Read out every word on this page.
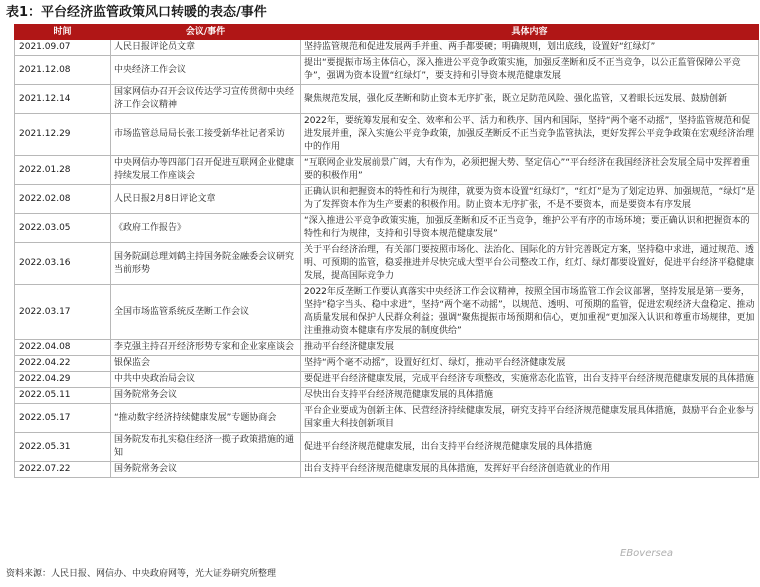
表1：平台经济监管政策风口转暖的表态/事件
时间	会议/事件	具体内容
2021.09.07	人民日报评论员文章	坚持监管规范和促进发展两手并重、两手都要硬；明确规则，划出底线，设置好“红绿灯”
2021.12.08	中央经济工作会议	提出“要提振市场主体信心，深入推进公平竞争政策实施，加强反垄断和反不正当竞争，以公正监管保障公平竞争”，强调为资本设置“红绿灯”，要支持和引导资本规范健康发展
2021.12.14	国家网信办召开会议传达学习宣传贯彻中央经济工作会议精神	聚焦规范发展，强化反垄断和防止资本无序扩张，既立足防范风险、强化监管，又着眼长远发展、鼓励创新
2021.12.29	市场监管总局局长张工接受新华社记者采访	2022年，要统筹发展和安全、效率和公平、活力和秩序、国内和国际，坚持“两个毫不动摇”，坚持监管规范和促进发展并重，深入实施公平竞争政策，加强反垄断反不正当竞争监管执法，更好发挥公平竞争政策在宏观经济治理中的作用
2022.01.28	中央网信办等四部门召开促进互联网企业健康持续发展工作座谈会	“互联网企业发展前景广阔，大有作为，必须把握大势、坚定信心”“平台经济在我国经济社会发展全局中发挥着重要的积极作用”
2022.02.08	人民日报2月8日评论文章	正确认识和把握资本的特性和行为规律，就要为资本设置“红绿灯”，“红灯”是为了划定边界、加强规范，“绿灯”是为了发挥资本作为生产要素的积极作用。防止资本无序扩张，不是不要资本，而是要资本有序发展
2022.03.05	《政府工作报告》	“深入推进公平竞争政策实施，加强反垄断和反不正当竞争，维护公平有序的市场环境；要正确认识和把握资本的特性和行为规律，支持和引导资本规范健康发展”
2022.03.16	国务院副总理刘鹤主持国务院金融委会议研究当前形势	关于平台经济治理，有关部门要按照市场化、法治化、国际化的方针完善既定方案，坚持稳中求进，通过规范、透明、可预期的监管，稳妥推进并尽快完成大型平台公司整改工作，红灯、绿灯都要设置好，促进平台经济平稳健康发展，提高国际竞争力
2022.03.17	全国市场监管系统反垄断工作会议	2022年反垄断工作要认真落实中央经济工作会议精神，按照全国市场监管工作会议部署，坚持发展是第一要务，坚持“稳字当头、稳中求进”，坚持“两个毫不动摇”，以规范、透明、可预期的监管，促进宏观经济大盘稳定、推动高质量发展和保护人民群众利益；强调“聚焦提振市场预期和信心，更加重视“更加深入认识和尊重市场规律，更加注重推动资本健康有序发展的制度供给”
2022.04.08	李克强主持召开经济形势专家和企业家座谈会	推动平台经济健康发展
2022.04.22	银保监会	坚持“两个毫不动摇”，设置好红灯、绿灯，推动平台经济健康发展
2022.04.29	中共中央政治局会议	要促进平台经济健康发展，完成平台经济专项整改，实施常态化监管，出台支持平台经济规范健康发展的具体措施
2022.05.11	国务院常务会议	尽快出台支持平台经济规范健康发展的具体措施
2022.05.17	“推动数字经济持续健康发展”专题协商会	平台企业要成为创新主体、民营经济持续健康发展，研究支持平台经济规范健康发展具体措施，鼓励平台企业参与国家重大科技创新项目
2022.05.31	国务院发布扎实稳住经济一揽子政策措施的通知	促进平台经济规范健康发展，出台支持平台经济规范健康发展的具体措施
2022.07.22	国务院常务会议	出台支持平台经济规范健康发展的具体措施，发挥好平台经济创造就业的作用
EBoversea
资料来源：人民日报、网信办、中央政府网等，光大证券研究所整理
